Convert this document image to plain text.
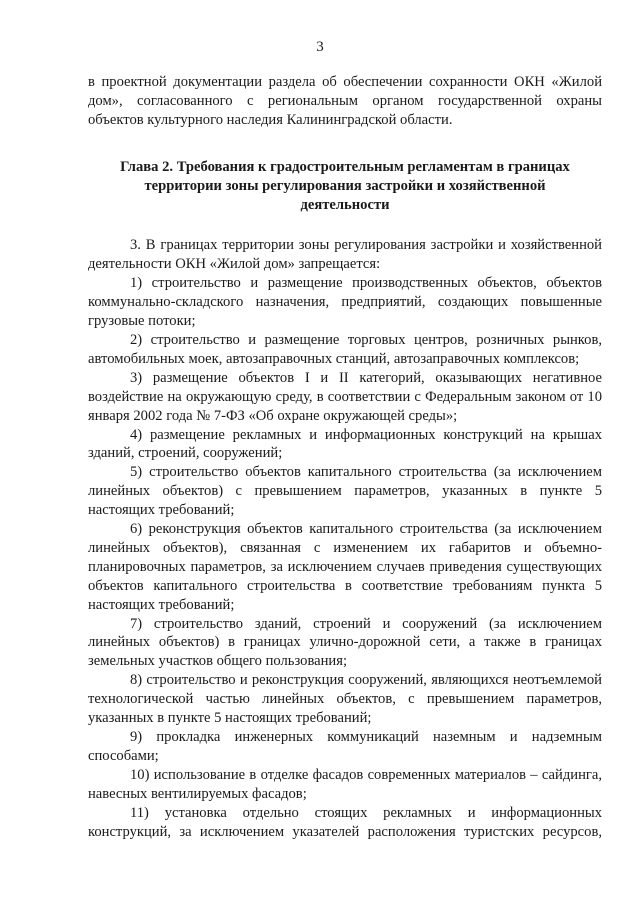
3

в проектной документации раздела об обеспечении сохранности ОКН «Жилой
дом», согласованного с региональным органом государственной охраны
объектов культурного наследия Калининградской области.

Глава 2. Требования к градостроительным регламентам в границах
территории зоны регулирования застройки и хозяйственной
деятельности

3. В границах территории зоны регулирования застройки и хозяйственной деятельности ОКН «Жилой дом» запрещается:

1) строительство и размещение производственных объектов, объектов коммунально-складского назначения, предприятий, создающих повышенные грузовые потоки;

2) строительство и размещение торговых центров, розничных рынков, автомобильных моек, автозаправочных станций, автозаправочных комплексов;

3) размещение объектов I и II категорий, оказывающих негативное воздействие на окружающую среду, в соответствии с Федеральным законом от 10 января 2002 года № 7-ФЗ «Об охране окружающей среды»;

4) размещение рекламных и информационных конструкций на крышах зданий, строений, сооружений;

5) строительство объектов капитального строительства (за исключением линейных объектов) с превышением параметров, указанных в пункте 5 настоящих требований;

6) реконструкция объектов капитального строительства (за исключением линейных объектов), связанная с изменением их габаритов и объемно-планировочных параметров, за исключением случаев приведения существующих объектов капитального строительства в соответствие требованиям пункта 5 настоящих требований;

7) строительство зданий, строений и сооружений (за исключением линейных объектов) в границах улично-дорожной сети, а также в границах земельных участков общего пользования;

8) строительство и реконструкция сооружений, являющихся неотъемлемой технологической частью линейных объектов, с превышением параметров, указанных в пункте 5 настоящих требований;

9) прокладка инженерных коммуникаций наземным и надземным способами;

10) использование в отделке фасадов современных материалов – сайдинга, навесных вентилируемых фасадов;

11) установка отдельно стоящих рекламных и информационных конструкций, за исключением указателей расположения туристских ресурсов,
